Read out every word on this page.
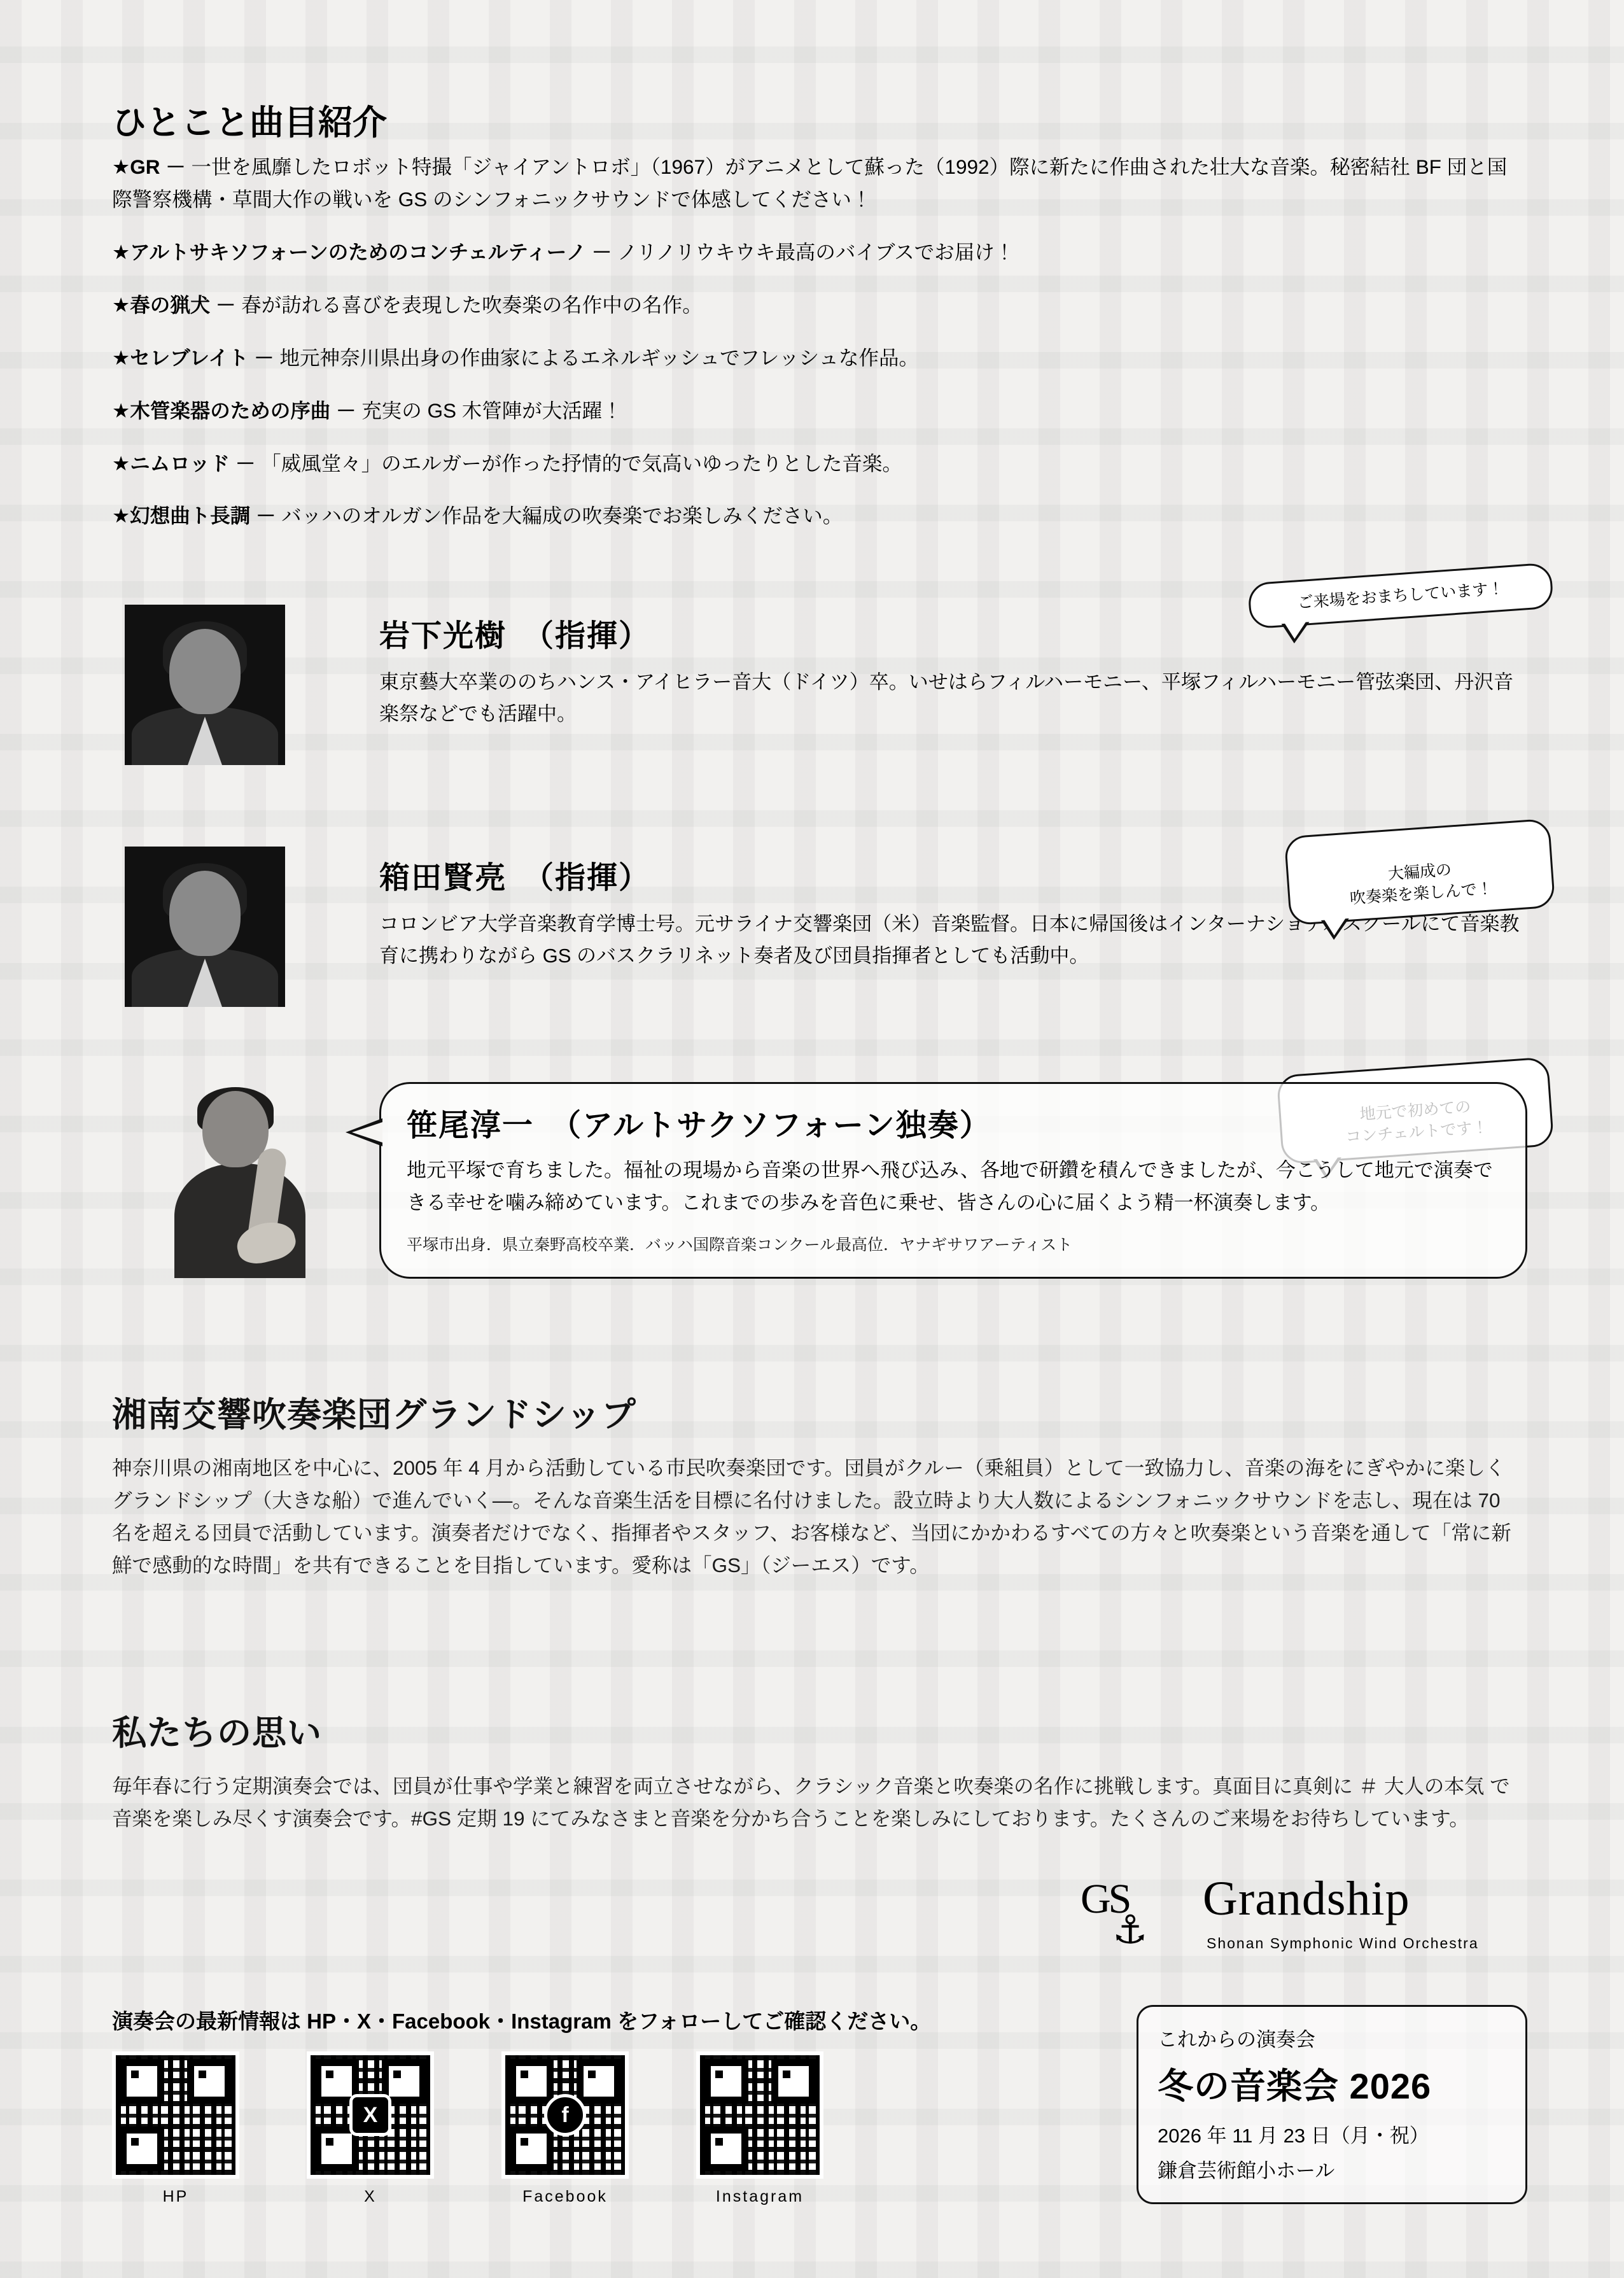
ひとこと曲目紹介

★GR － 一世を風靡したロボット特撮「ジャイアントロボ」（1967）がアニメとして蘇った（1992）際に新たに作曲された壮大な音楽。秘密結社 BF 団と国際警察機構・草間大作の戦いを GS のシンフォニックサウンドで体感してください！

★アルトサキソフォーンのためのコンチェルティーノ － ノリノリウキウキ最高のバイブスでお届け！

★春の猟犬 － 春が訪れる喜びを表現した吹奏楽の名作中の名作。

★セレブレイト － 地元神奈川県出身の作曲家によるエネルギッシュでフレッシュな作品。

★木管楽器のための序曲 － 充実の GS 木管陣が大活躍！

★ニムロッド － 「威風堂々」のエルガーが作った抒情的で気高いゆったりとした音楽。

★幻想曲ト長調 － バッハのオルガン作品を大編成の吹奏楽でお楽しみください。

岩下光樹　（指揮）
東京藝大卒業ののちハンス・アイヒラー音大（ドイツ）卒。いせはらフィルハーモニー、平塚フィルハーモニー管弦楽団、丹沢音楽祭などでも活躍中。
ご来場をおまちしています！
箱田賢亮　（指揮）
コロンビア大学音楽教育学博士号。元サライナ交響楽団（米）音楽監督。日本に帰国後はインターナショナルスクールにて音楽教育に携わりながら GS のバスクラリネット奏者及び団員指揮者としても活動中。

大編成の
吹奏楽を楽しんで！

笹尾淳一　（アルトサクソフォーン独奏）
地元平塚で育ちました。福祉の現場から音楽の世界へ飛び込み、各地で研鑽を積んできましたが、今こうして地元で演奏できる幸せを噛み締めています。これまでの歩みを音色に乗せ、皆さんの心に届くよう精一杯演奏します。
平塚市出身．県立秦野高校卒業．バッハ国際音楽コンクール最高位．ヤナギサワアーティスト
湘南交響吹奏楽団グランドシップ

神奈川県の湘南地区を中心に、2005 年 4 月から活動している市民吹奏楽団です。団員がクルー（乗組員）として一致協力し、音楽の海をにぎやかに楽しくグランドシップ（大きな船）で進んでいく—。そんな音楽生活を目標に名付けました。設立時より大人数によるシンフォニックサウンドを志し、現在は 70 名を超える団員で活動しています。演奏者だけでなく、指揮者やスタッフ、お客様など、当団にかかわるすべての方々と吹奏楽という音楽を通して「常に新鮮で感動的な時間」を共有できることを目指しています。愛称は「GS」（ジーエス）です。

私たちの思い

毎年春に行う定期演奏会では、団員が仕事や学業と練習を両立させながら、クラシック音楽と吹奏楽の名作に挑戦します。真面目に真剣に ＃ 大人の本気 で音楽を楽しみ尽くす演奏会です。#GS 定期 19 にてみなさまと音楽を分かち合うことを楽しみにしております。たくさんのご来場をお待ちしています。

GS
⚓
Grandship
Shonan Symphonic Wind Orchestra
演奏会の最新情報は HP・X・Facebook・Instagram をフォローしてご確認ください。
HP
X
X
f
Facebook	Instagram
これからの演奏会
冬の音楽会 2026
2026 年 11 月 23 日（月・祝）
鎌倉芸術館小ホール
